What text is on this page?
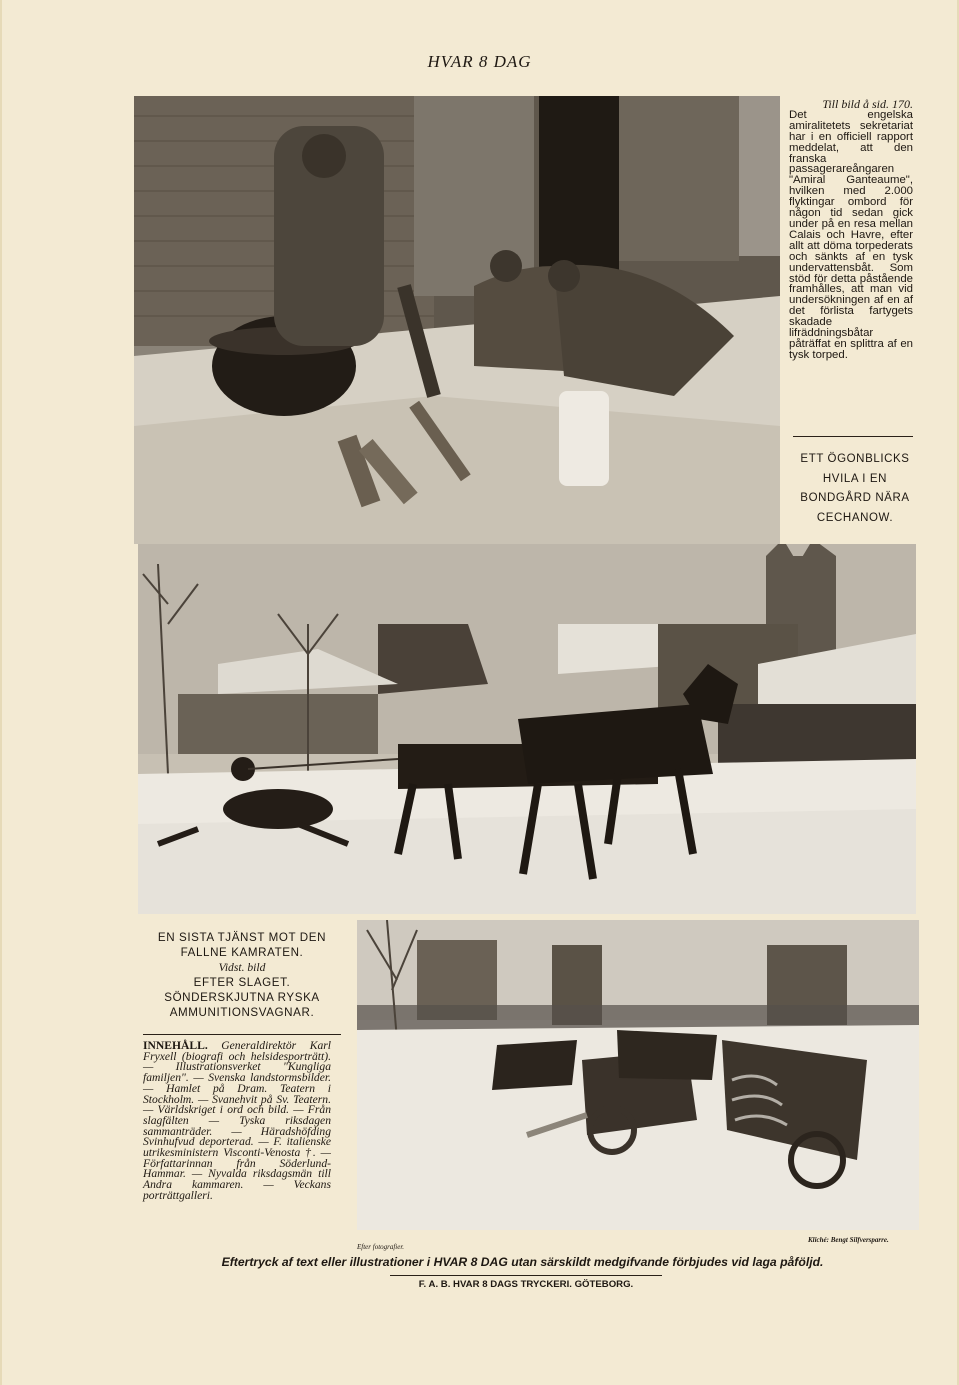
HVAR 8 DAG
Till bild å sid. 170.
Det engelska amiralitetets sekretariat har i en officiell rapport meddelat, att den franska passagerareångaren "Amiral Ganteaume", hvilken med 2.000 flyktingar ombord för någon tid sedan gick under på en resa mellan Calais och Havre, efter allt att döma torpederats och sänkts af en tysk undervattensbåt. Som stöd för detta påstående framhålles, att man vid undersökningen af en af det förlista fartygets skadade lifräddningsbåtar påträffat en splittra af en tysk torped.
ETT ÖGONBLICKS HVILA I EN BONDGÅRD NÄRA CECHANOW.
EN SISTA TJÄNST MOT DEN FALLNE KAMRATEN.
Vidst. bild
EFTER SLAGET. SÖNDERSKJUTNA RYSKA AMMUNITIONSVAGNAR.
INNEHÅLL. Generaldirektör Karl Fryxell (biografi och helsidesporträtt). — Illustrationsverket "Kungliga familjen". — Svenska landstormsbilder. — Hamlet på Dram. Teatern i Stockholm. — Svanehvit på Sv. Teatern. — Världskriget i ord och bild. — Från slagfälten — Tyska riksdagen sammanträder. — Häradshöfding Svinhufvud deporterad. — F. italienske utrikesministern Visconti-Venosta †. — Författarinnan från Söderlund-Hammar. — Nyvalda riksdagsmän till Andra kammaren. — Veckans porträttgalleri.
Efter fotografier.
Kliché: Bengt Silfversparre.
Eftertryck af text eller illustrationer i HVAR 8 DAG utan särskildt medgifvande förbjudes vid laga påföljd.
F. A. B. HVAR 8 DAGS TRYCKERI. GÖTEBORG.
